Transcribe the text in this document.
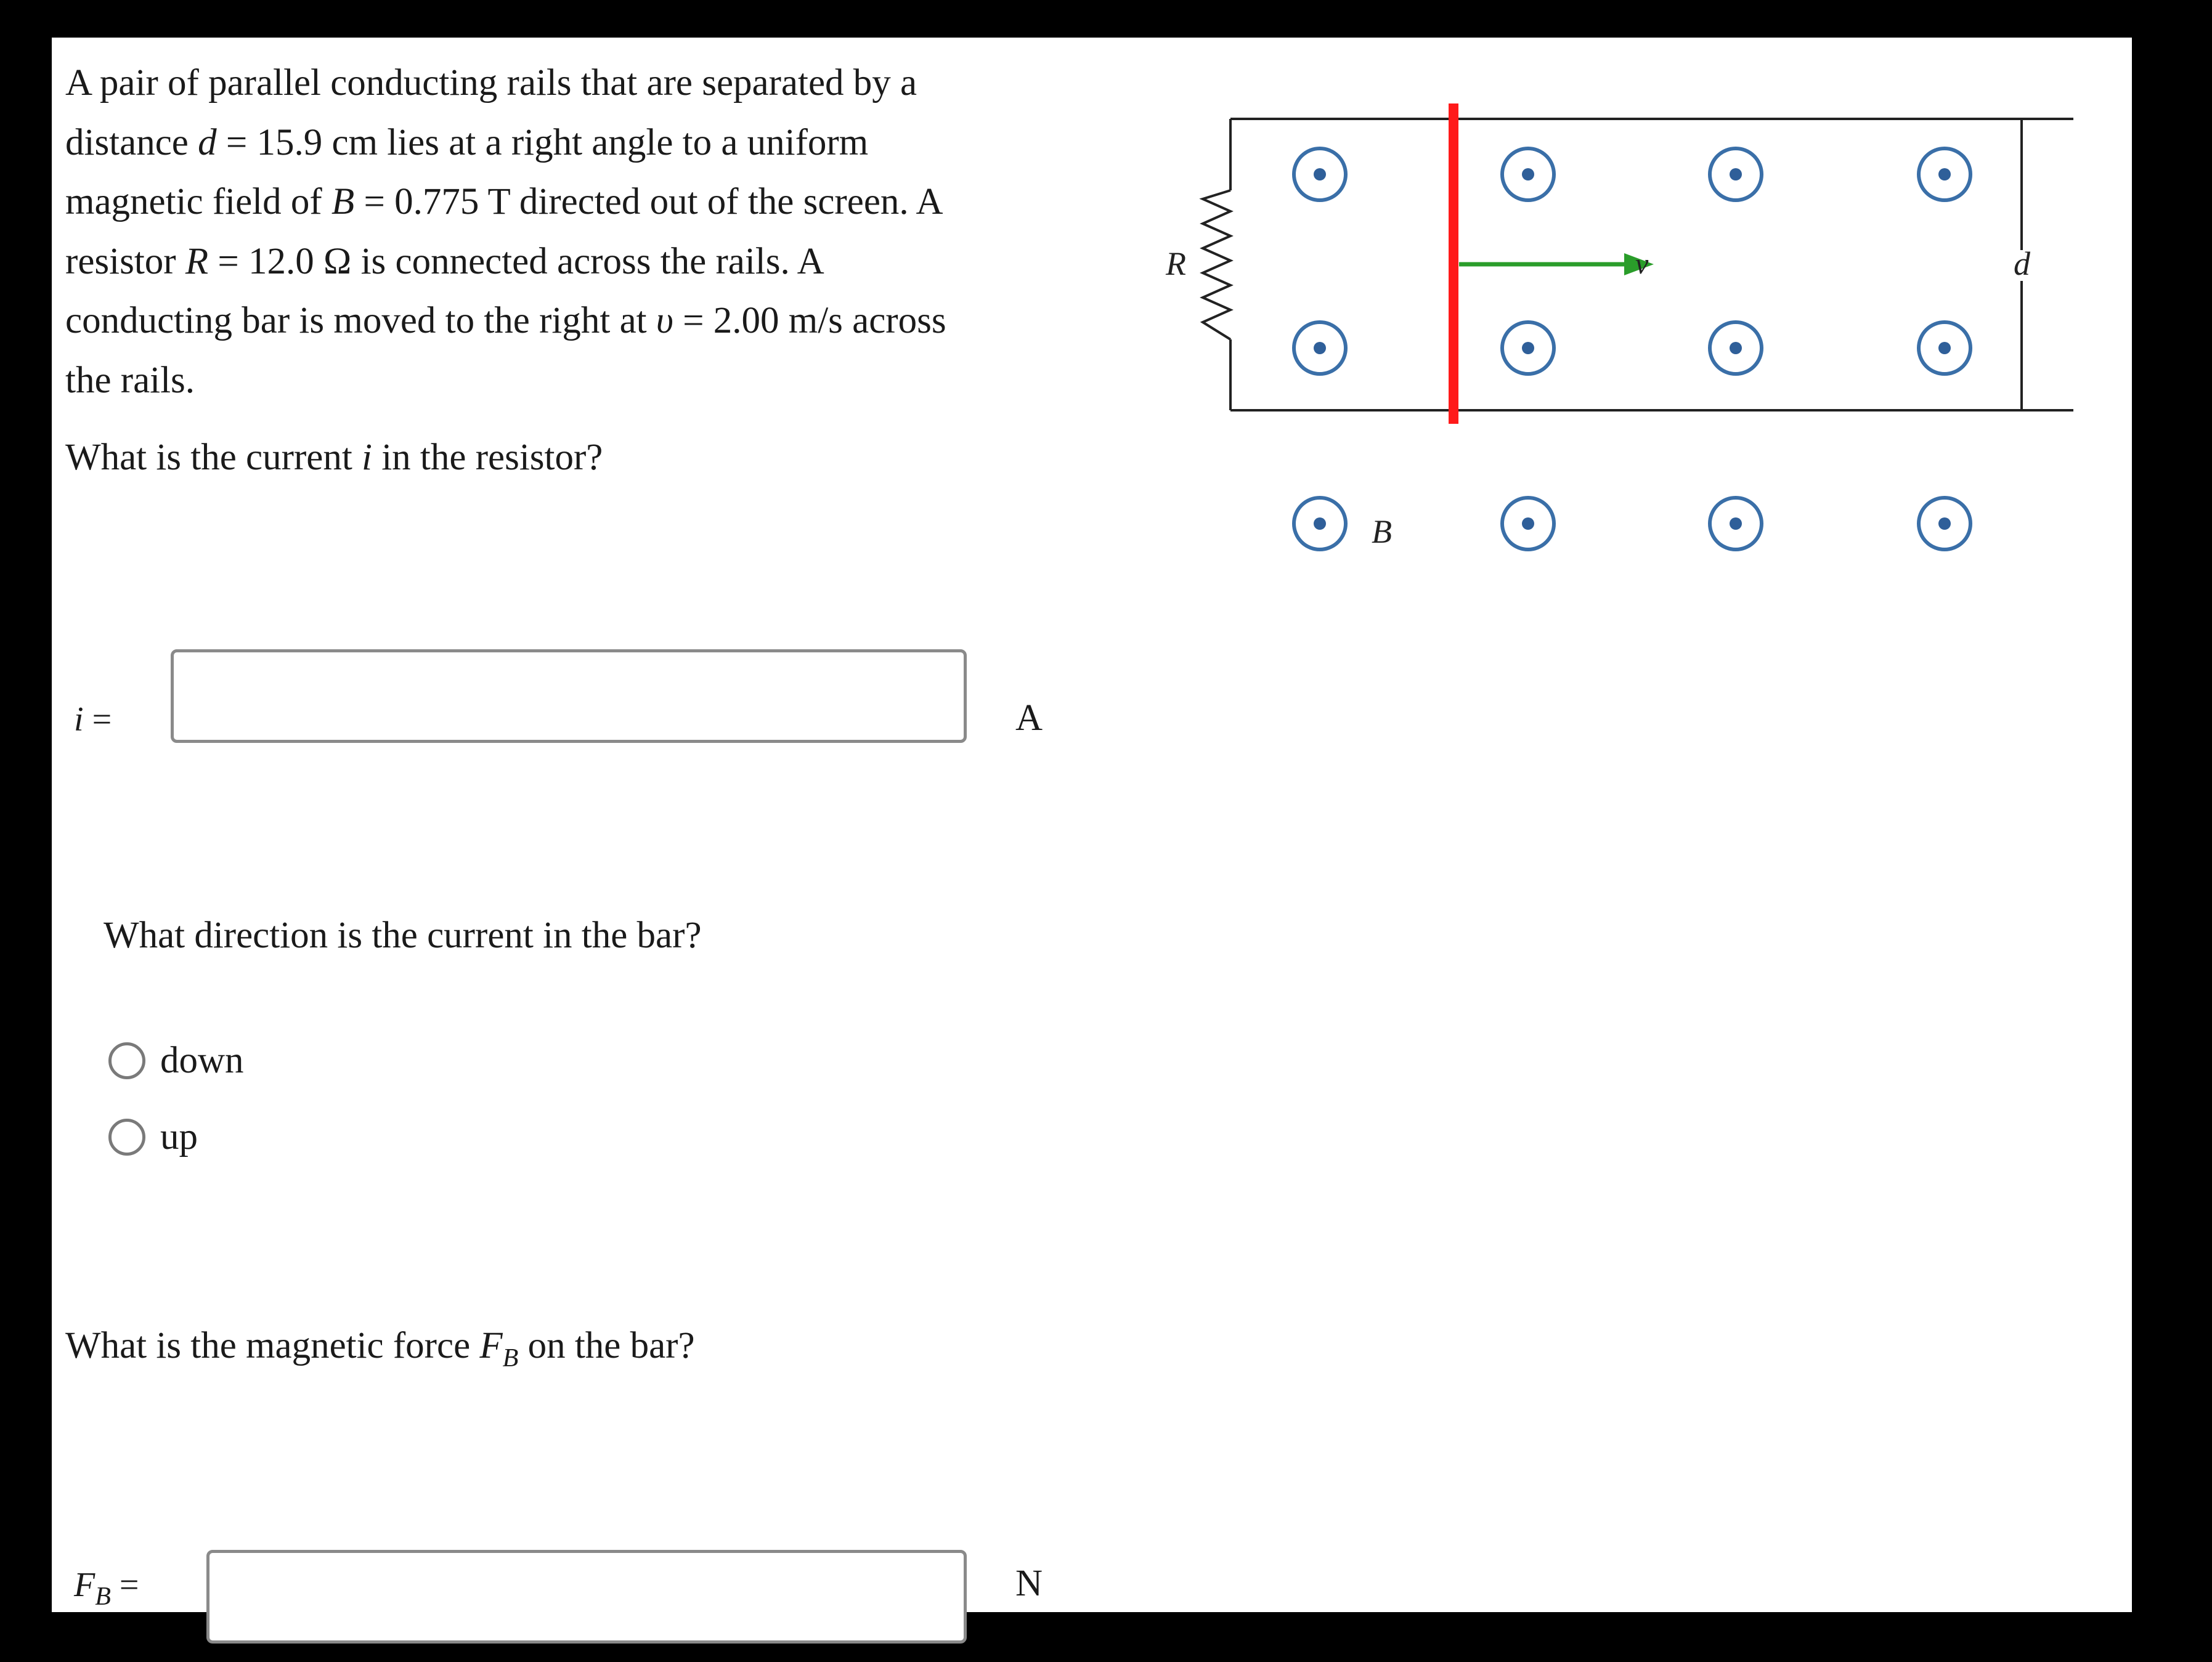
A pair of parallel conducting rails that are separated by a
distance d = 15.9 cm lies at a right angle to a uniform
magnetic field of B = 0.775 T directed out of the screen. A
resistor R = 12.0 Ω is connected across the rails. A
conducting bar is moved to the right at υ = 2.00 m/s across
the rails.

What is the current i in the resistor?
i =	A
What direction is the current in the bar?
down
up
What is the magnetic force $F_B$ on the bar?
$F_B$ =	N
R	v	d
B
